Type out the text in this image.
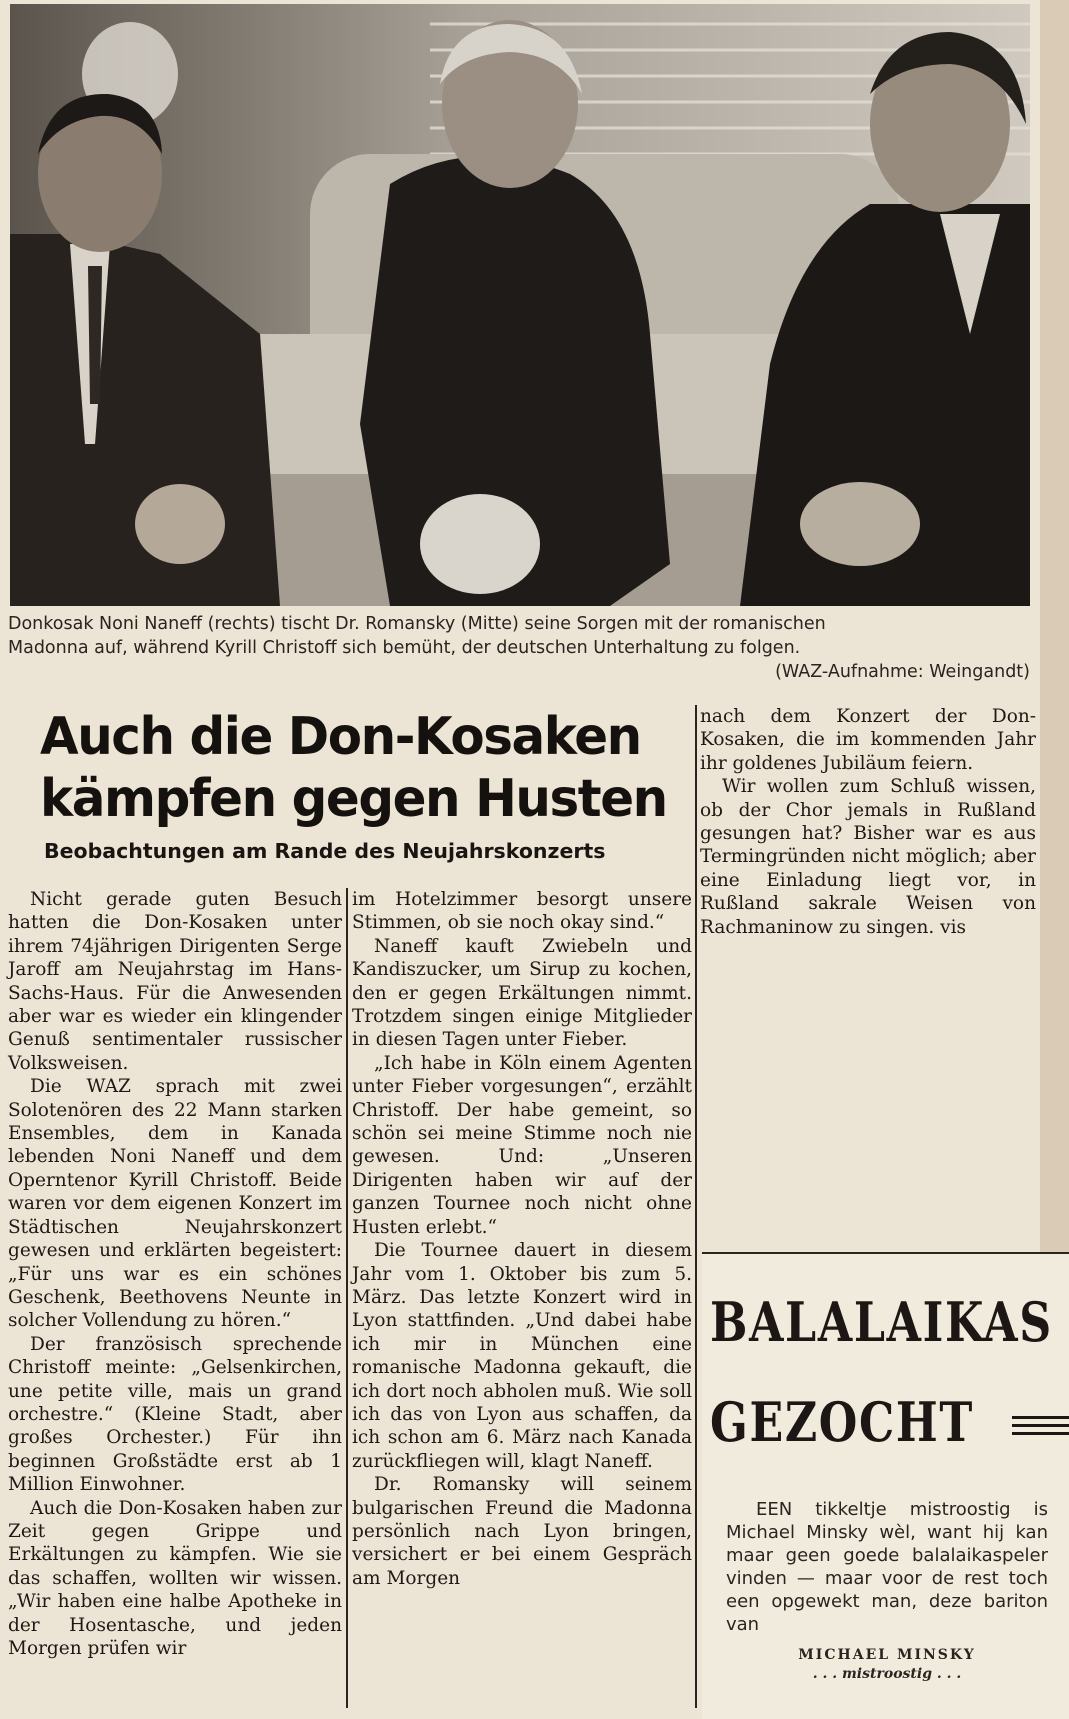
Donkosak Noni Naneff (rechts) tischt Dr. Romansky (Mitte) seine Sorgen mit der romanischen

Madonna auf, während Kyrill Christoff sich bemüht, der deutschen Unterhaltung zu folgen.

(WAZ-Aufnahme: Weingandt)

Auch die Don-Kosaken
kämpfen gegen Husten
Beobachtungen am Rande des Neujahrskonzerts

Nicht gerade guten Besuch hatten die Don-Kosaken unter ihrem 74jährigen Dirigenten Serge Jaroff am Neujahrstag im Hans-Sachs-Haus. Für die Anwesenden aber war es wieder ein klingender Genuß sentimentaler russischer Volksweisen.

Die WAZ sprach mit zwei Solotenören des 22 Mann starken Ensembles, dem in Kanada lebenden Noni Naneff und dem Operntenor Kyrill Christoff. Beide waren vor dem eigenen Konzert im Städtischen Neujahrskonzert gewesen und erklärten begeistert: „Für uns war es ein schönes Geschenk, Beethovens Neunte in solcher Vollendung zu hören.“

Der französisch sprechende Christoff meinte: „Gelsenkirchen, une petite ville, mais un grand orchestre.“ (Kleine Stadt, aber großes Orchester.) Für ihn beginnen Großstädte erst ab 1 Million Einwohner.

Auch die Don-Kosaken haben zur Zeit gegen Grippe und Erkältungen zu kämpfen. Wie sie das schaffen, wollten wir wissen. „Wir haben eine halbe Apotheke in der Hosentasche, und jeden Morgen prüfen wir

im Hotelzimmer besorgt unsere Stimmen, ob sie noch okay sind.“

Naneff kauft Zwiebeln und Kandiszucker, um Sirup zu kochen, den er gegen Erkältungen nimmt. Trotzdem singen einige Mitglieder in diesen Tagen unter Fieber.

„Ich habe in Köln einem Agenten unter Fieber vorgesungen“, erzählt Christoff. Der habe gemeint, so schön sei meine Stimme noch nie gewesen. Und: „Unseren Dirigenten haben wir auf der ganzen Tournee noch nicht ohne Husten erlebt.“

Die Tournee dauert in diesem Jahr vom 1. Oktober bis zum 5. März. Das letzte Konzert wird in Lyon stattfinden. „Und dabei habe ich mir in München eine romanische Madonna gekauft, die ich dort noch abholen muß. Wie soll ich das von Lyon aus schaffen, da ich schon am 6. März nach Kanada zurückfliegen will, klagt Naneff.

Dr. Romansky will seinem bulgarischen Freund die Madonna persönlich nach Lyon bringen, versichert er bei einem Gespräch am Morgen

nach dem Konzert der Don-Kosaken, die im kommenden Jahr ihr goldenes Jubiläum feiern.

Wir wollen zum Schluß wissen, ob der Chor jemals in Rußland gesungen hat? Bisher war es aus Termingründen nicht möglich; aber eine Einladung liegt vor, in Rußland sakrale Weisen von Rachmaninow zu singen. vis

BALALAIKAS
GEZOCHT

EEN tikkeltje mistroostig is Michael Minsky wèl, want hij kan maar geen goede balalaikaspeler vinden — maar voor de rest toch een opgewekt man, deze bariton van

MICHAEL MINSKY
. . . mistroostig . . .
